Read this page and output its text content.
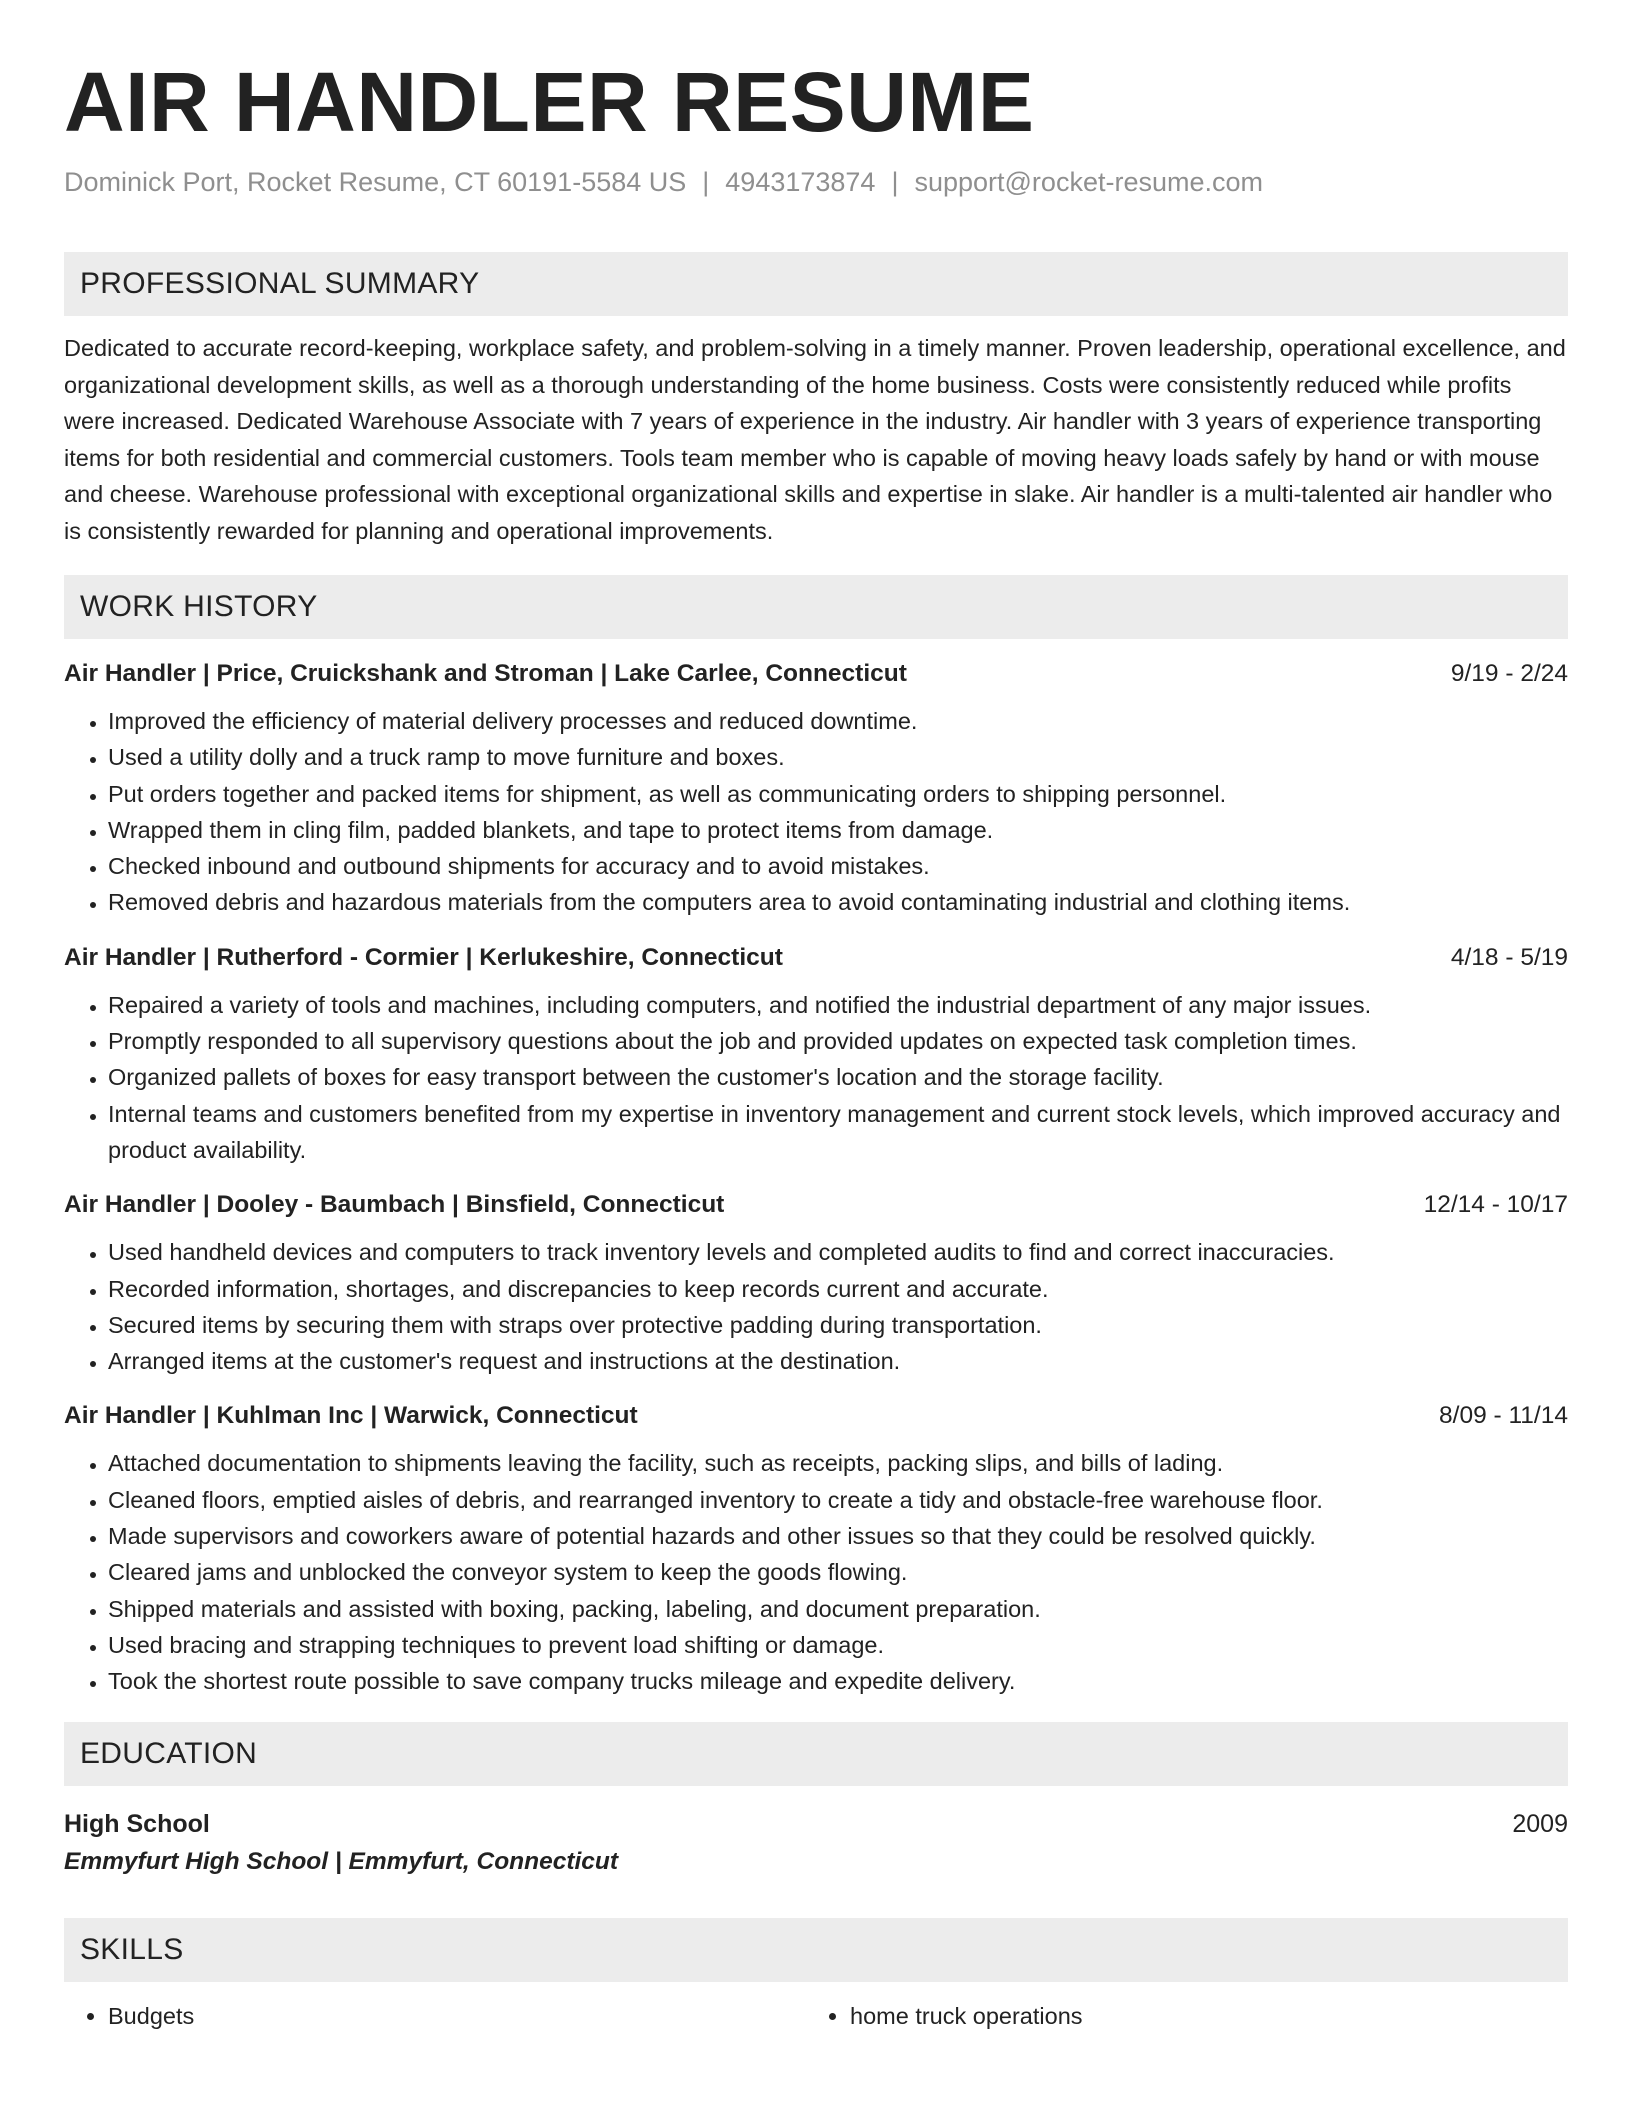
AIR HANDLER RESUME
Dominick Port, Rocket Resume, CT 60191-5584 US | 4943173874 | support@rocket-resume.com
PROFESSIONAL SUMMARY

Dedicated to accurate record-keeping, workplace safety, and problem-solving in a timely manner. Proven leadership, operational excellence, and organizational development skills, as well as a thorough understanding of the home business. Costs were consistently reduced while profits were increased. Dedicated Warehouse Associate with 7 years of experience in the industry. Air handler with 3 years of experience transporting items for both residential and commercial customers. Tools team member who is capable of moving heavy loads safely by hand or with mouse and cheese. Warehouse professional with exceptional organizational skills and expertise in slake. Air handler is a multi-talented air handler who is consistently rewarded for planning and operational improvements.

WORK HISTORY
Air Handler | Price, Cruickshank and Stroman | Lake Carlee, Connecticut	9/19 - 2/24
• Improved the efficiency of material delivery processes and reduced downtime.
• Used a utility dolly and a truck ramp to move furniture and boxes.
• Put orders together and packed items for shipment, as well as communicating orders to shipping personnel.
• Wrapped them in cling film, padded blankets, and tape to protect items from damage.
• Checked inbound and outbound shipments for accuracy and to avoid mistakes.
• Removed debris and hazardous materials from the computers area to avoid contaminating industrial and clothing items.
Air Handler | Rutherford - Cormier | Kerlukeshire, Connecticut	4/18 - 5/19
• Repaired a variety of tools and machines, including computers, and notified the industrial department of any major issues.
• Promptly responded to all supervisory questions about the job and provided updates on expected task completion times.
• Organized pallets of boxes for easy transport between the customer's location and the storage facility.
• Internal teams and customers benefited from my expertise in inventory management and current stock levels, which improved accuracy and product availability.
Air Handler | Dooley - Baumbach | Binsfield, Connecticut	12/14 - 10/17
• Used handheld devices and computers to track inventory levels and completed audits to find and correct inaccuracies.
• Recorded information, shortages, and discrepancies to keep records current and accurate.
• Secured items by securing them with straps over protective padding during transportation.
• Arranged items at the customer's request and instructions at the destination.
Air Handler | Kuhlman Inc | Warwick, Connecticut	8/09 - 11/14
• Attached documentation to shipments leaving the facility, such as receipts, packing slips, and bills of lading.
• Cleaned floors, emptied aisles of debris, and rearranged inventory to create a tidy and obstacle-free warehouse floor.
• Made supervisors and coworkers aware of potential hazards and other issues so that they could be resolved quickly.
• Cleared jams and unblocked the conveyor system to keep the goods flowing.
• Shipped materials and assisted with boxing, packing, labeling, and document preparation.
• Used bracing and strapping techniques to prevent load shifting or damage.
• Took the shortest route possible to save company trucks mileage and expedite delivery.
EDUCATION
High School	2009
Emmyfurt High School | Emmyfurt, Connecticut
SKILLS
• Budgets
•	home truck operations
